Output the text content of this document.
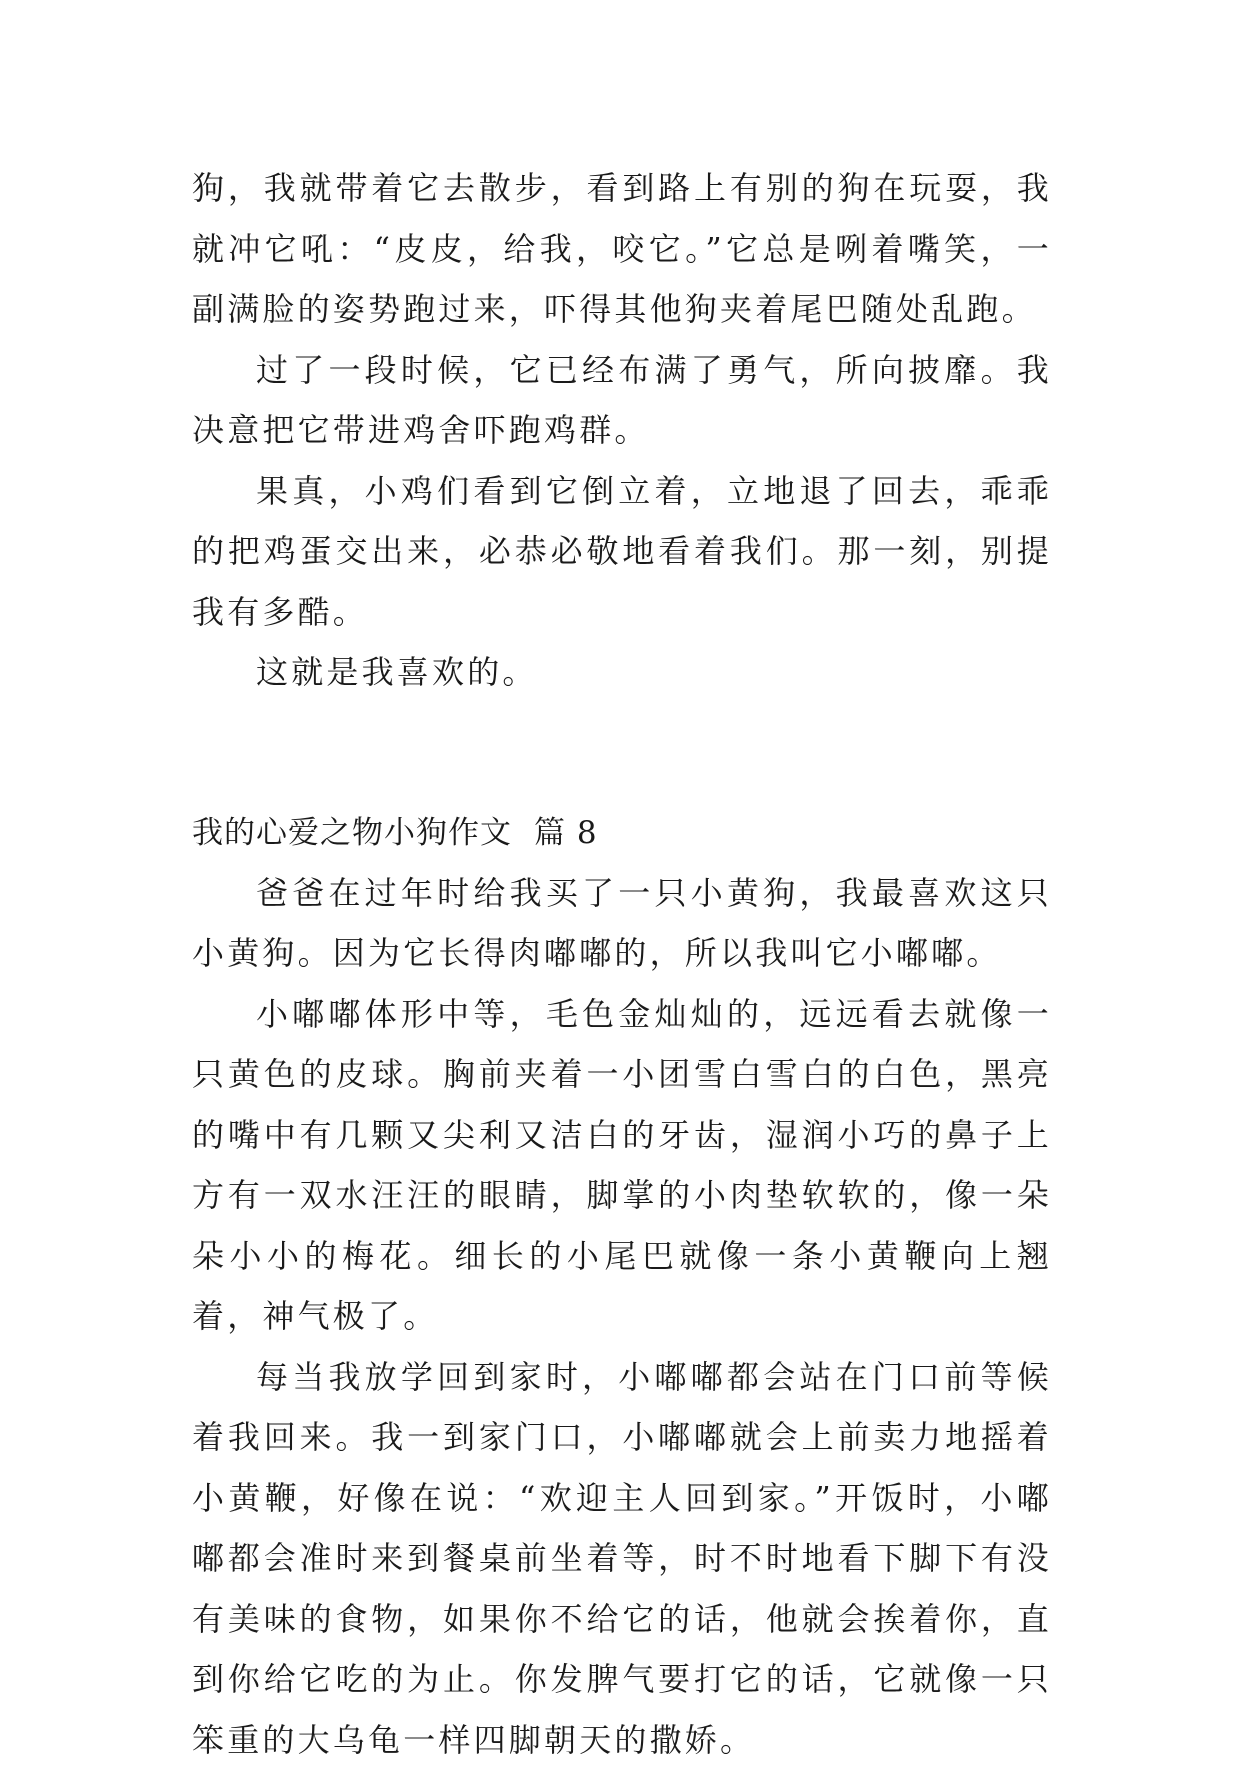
狗，我就带着它去散步，看到路上有别的狗在玩耍，我就冲它吼：“皮皮，给我，咬它。”它总是咧着嘴笑，一副满脸的姿势跑过来，吓得其他狗夹着尾巴随处乱跑。

过了一段时候，它已经布满了勇气，所向披靡。我决意把它带进鸡舍吓跑鸡群。

果真，小鸡们看到它倒立着，立地退了回去，乖乖的把鸡蛋交出来，必恭必敬地看着我们。那一刻，别提我有多酷。

这就是我喜欢的。

我的心爱之物小狗作文 篇 8

爸爸在过年时给我买了一只小黄狗，我最喜欢这只小黄狗。因为它长得肉嘟嘟的，所以我叫它小嘟嘟。

小嘟嘟体形中等，毛色金灿灿的，远远看去就像一只黄色的皮球。胸前夹着一小团雪白雪白的白色，黑亮的嘴中有几颗又尖利又洁白的牙齿，湿润小巧的鼻子上方有一双水汪汪的眼睛，脚掌的小肉垫软软的，像一朵朵小小的梅花。细长的小尾巴就像一条小黄鞭向上翘着，神气极了。

每当我放学回到家时，小嘟嘟都会站在门口前等候着我回来。我一到家门口，小嘟嘟就会上前卖力地摇着小黄鞭，好像在说：“欢迎主人回到家。”开饭时，小嘟嘟都会准时来到餐桌前坐着等，时不时地看下脚下有没有美味的食物，如果你不给它的话，他就会挨着你，直到你给它吃的为止。你发脾气要打它的话，它就像一只笨重的大乌龟一样四脚朝天的撒娇。
